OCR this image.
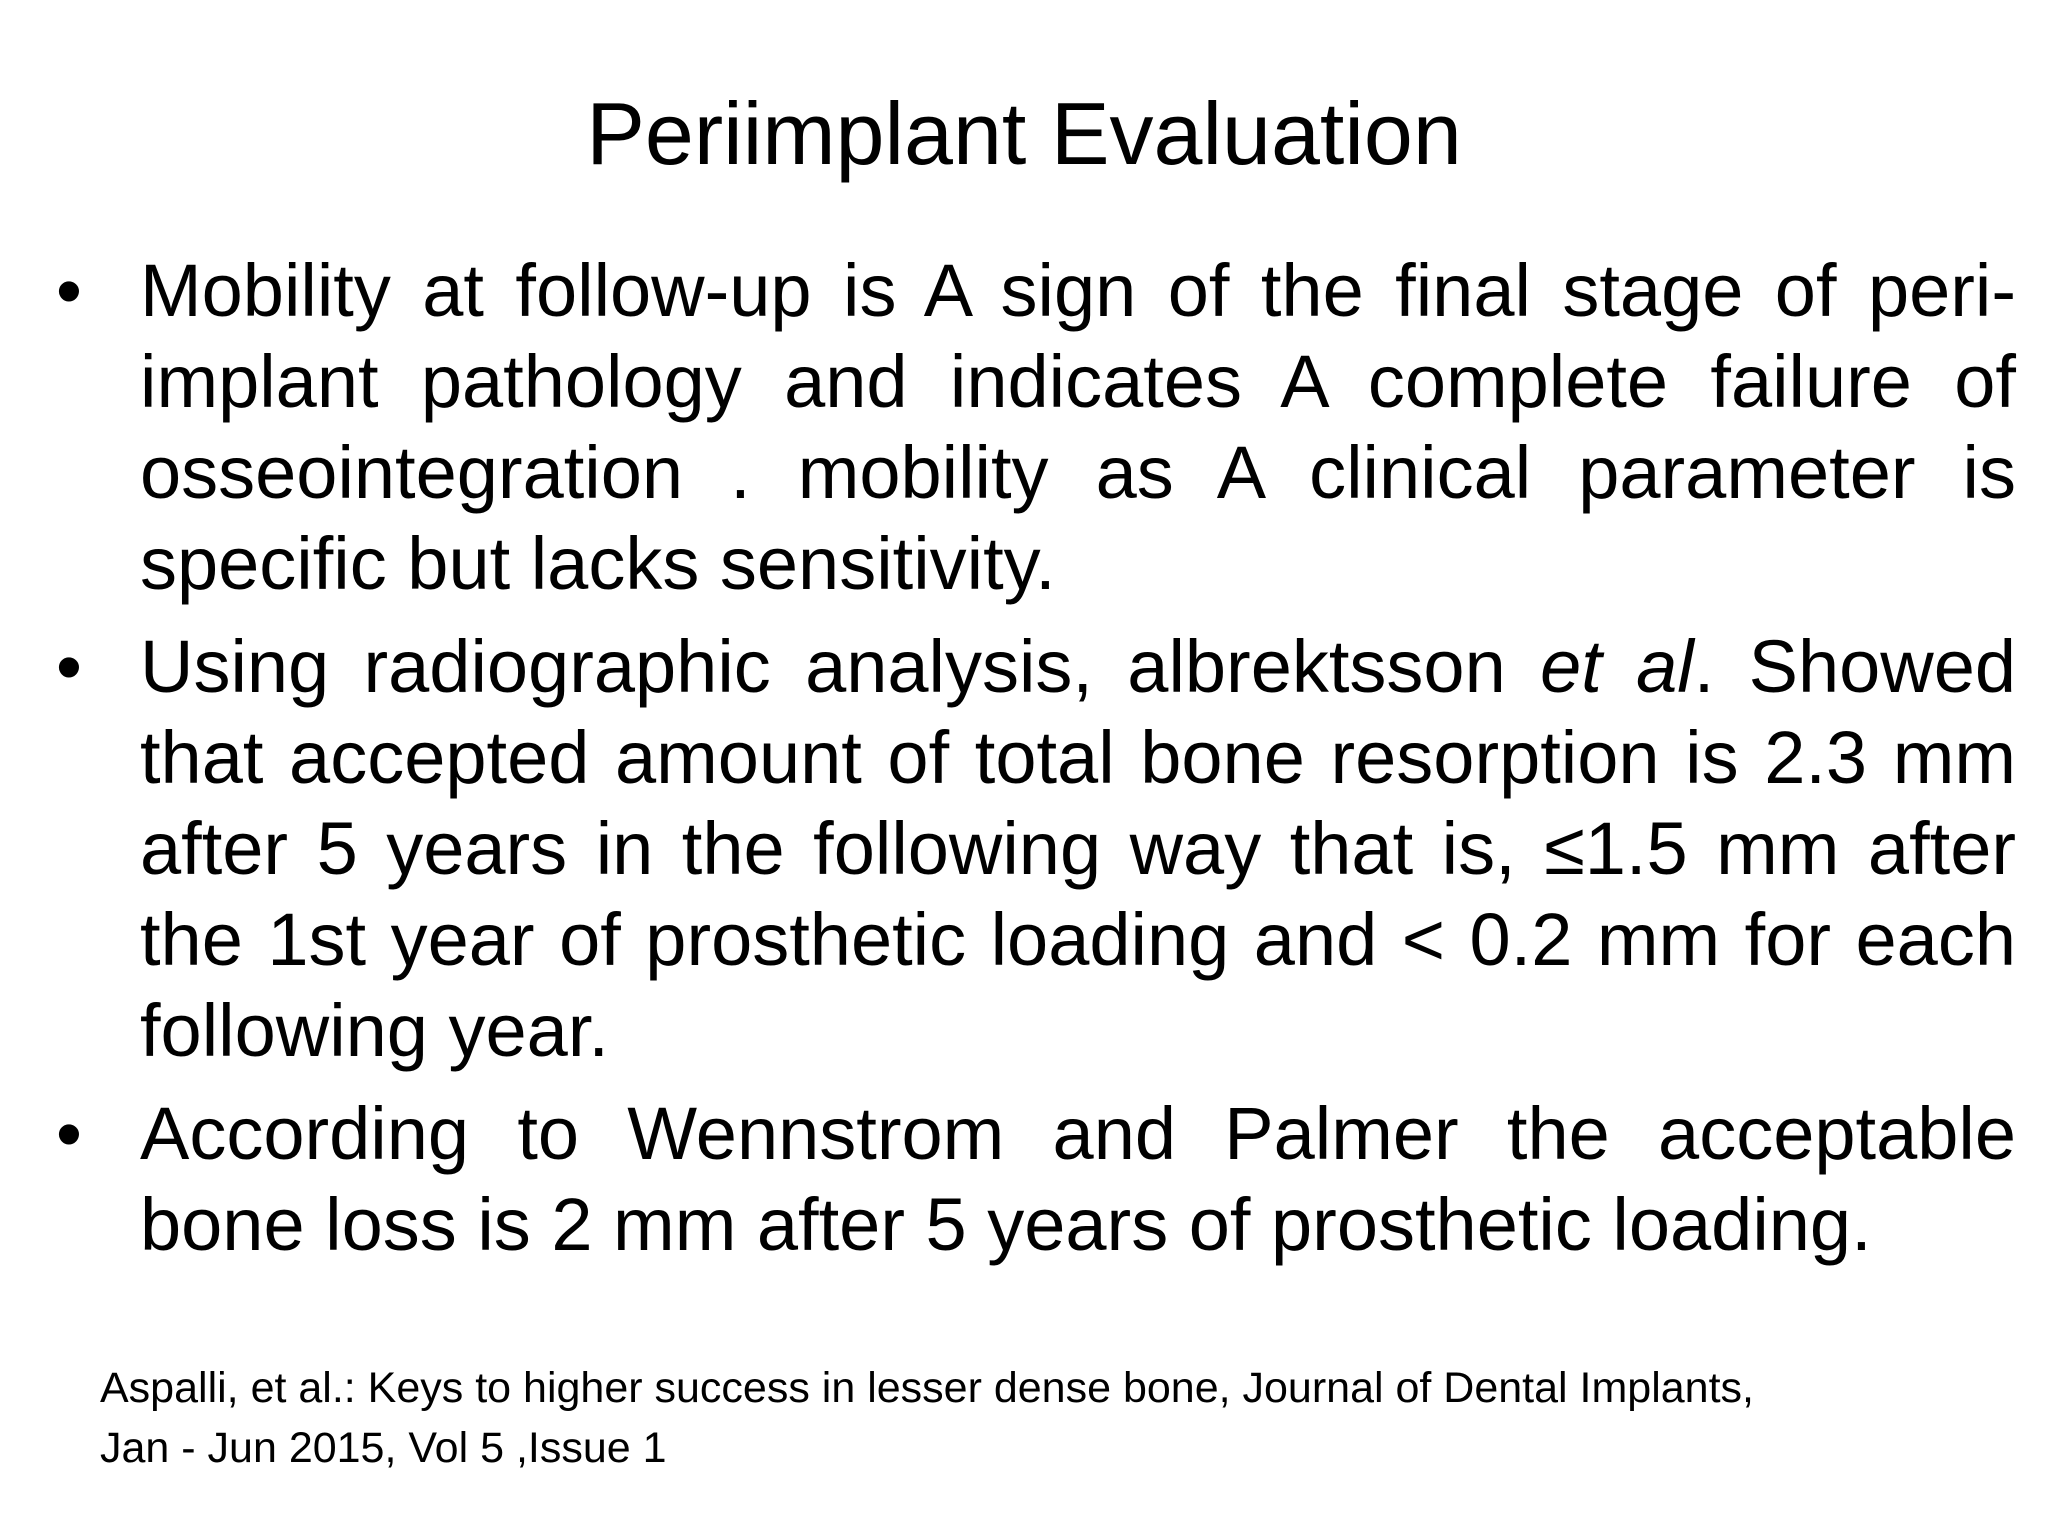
Periimplant Evaluation
• Mobility at follow-up is A sign of the final stage of peri-implant pathology and indicates A complete failure of osseointegration . mobility as A clinical parameter is specific but lacks sensitivity.
• Using radiographic analysis, albrektsson et al. Showed that accepted amount of total bone resorption is 2.3 mm after 5 years in the following way that is, ≤1.5 mm after the 1st year of prosthetic loading and < 0.2 mm for each following year.
• According to Wennstrom and Palmer the acceptable bone loss is 2 mm after 5 years of prosthetic loading.

Aspalli, et al.: Keys to higher success in lesser dense bone, Journal of Dental Implants,
Jan - Jun 2015, Vol 5 ,Issue 1
